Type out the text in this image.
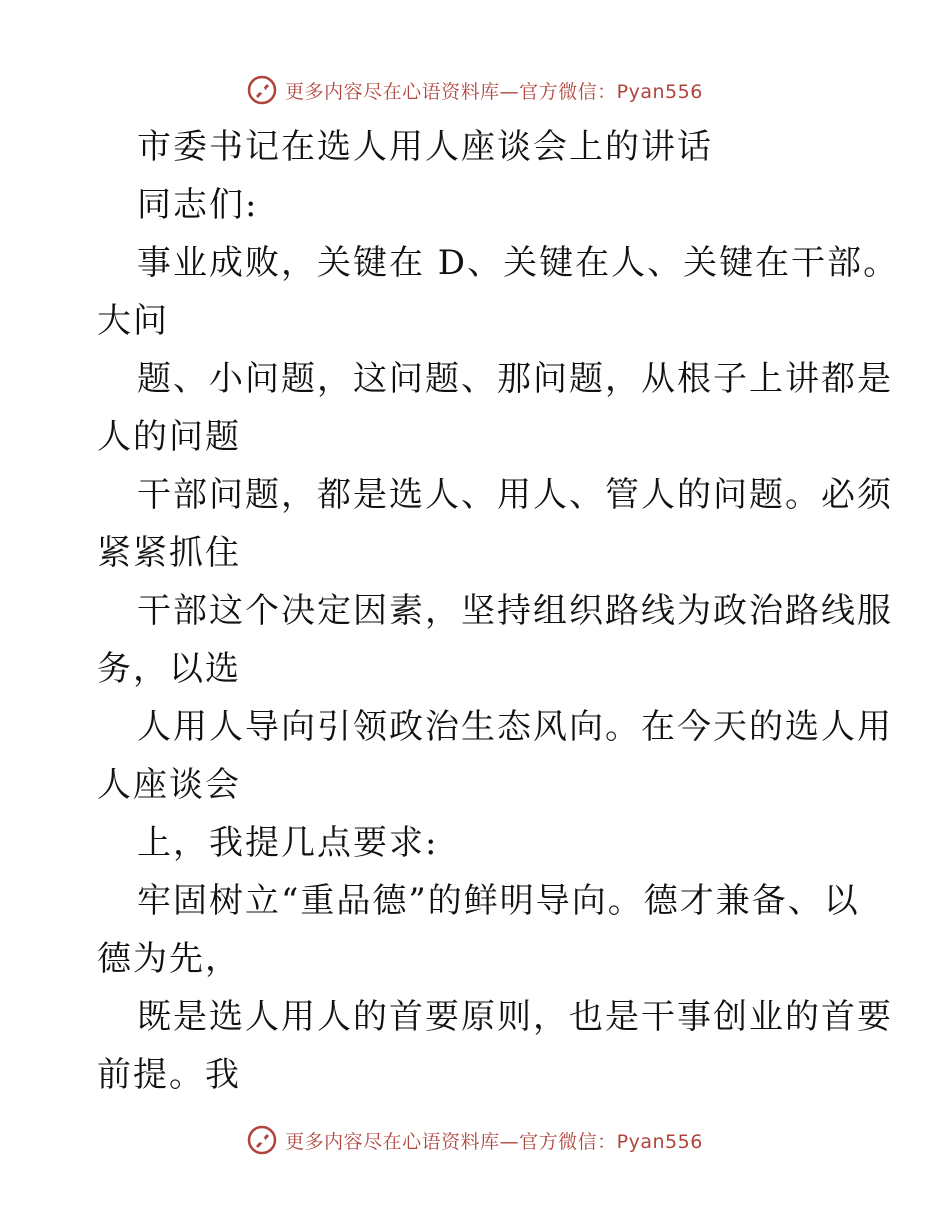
更多内容尽在心语资料库—官方微信：Pyan556
市委书记在选人用人座谈会上的讲话
同志们:
事业成败，关键在 D、关键在人、关键在干部。
大问
题、小问题，这问题、那问题，从根子上讲都是
人的问题
干部问题，都是选人、用人、管人的问题。必须
紧紧抓住
干部这个决定因素，坚持组织路线为政治路线服
务，以选
人用人导向引领政治生态风向。在今天的选人用
人座谈会
上，我提几点要求:
牢固树立“重品德”的鲜明导向。德才兼备、以
德为先，
既是选人用人的首要原则，也是干事创业的首要
前提。我
更多内容尽在心语资料库—官方微信：Pyan556
